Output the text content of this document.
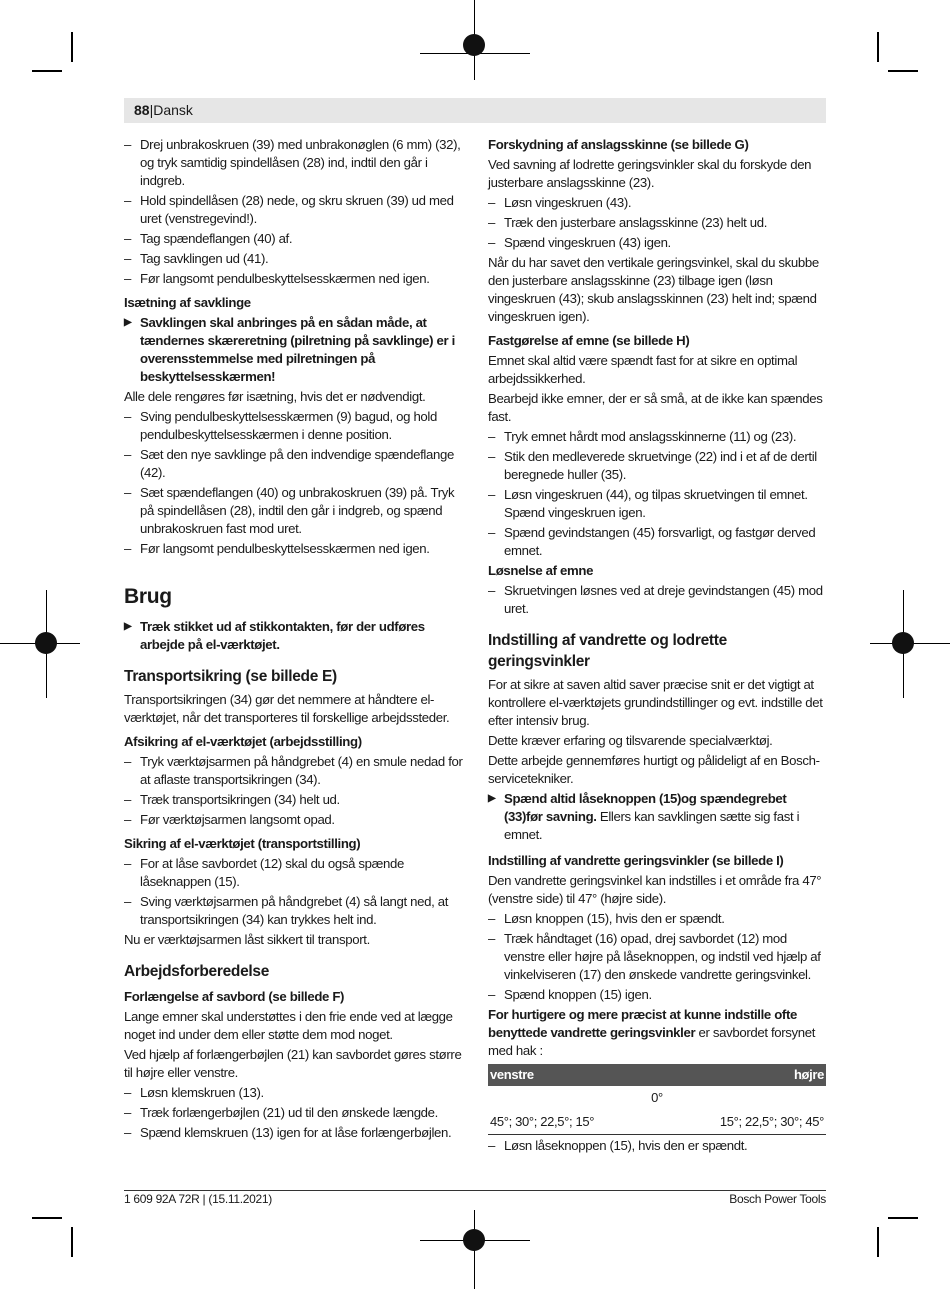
88|Dansk
– Drej unbrakoskruen (39) med unbrakonøglen (6 mm) (32), og tryk samtidig spindellåsen (28) ind, indtil den går i indgreb.
– Hold spindellåsen (28) nede, og skru skruen (39) ud med uret (venstregevind!).
– Tag spændeflangen (40) af.
– Tag savklingen ud (41).
– Før langsomt pendulbeskyttelsesskærmen ned igen.
Isætning af savklinge
▶ Savklingen skal anbringes på en sådan måde, at tændernes skæreretning (pilretning på savklinge) er i overensstemmelse med pilretningen på beskyttelsesskærmen!

Alle dele rengøres før isætning, hvis det er nødvendigt.

– Sving pendulbeskyttelsesskærmen (9) bagud, og hold pendulbeskyttelsesskærmen i denne position.
– Sæt den nye savklinge på den indvendige spændeflange (42).
– Sæt spændeflangen (40) og unbrakoskruen (39) på. Tryk på spindellåsen (28), indtil den går i indgreb, og spænd unbrakoskruen fast mod uret.
– Før langsomt pendulbeskyttelsesskærmen ned igen.
Brug
▶ Træk stikket ud af stikkontakten, før der udføres arbejde på el-værktøjet.
Transportsikring (se billede E)

Transportsikringen (34) gør det nemmere at håndtere el-værktøjet, når det transporteres til forskellige arbejdssteder.

Afsikring af el-værktøjet (arbejdsstilling)
– Tryk værktøjsarmen på håndgrebet (4) en smule nedad for at aflaste transportsikringen (34).
– Træk transportsikringen (34) helt ud.
– Før værktøjsarmen langsomt opad.
Sikring af el-værktøjet (transportstilling)
– For at låse savbordet (12) skal du også spænde låseknappen (15).
– Sving værktøjsarmen på håndgrebet (4) så langt ned, at transportsikringen (34) kan trykkes helt ind.

Nu er værktøjsarmen låst sikkert til transport.

Arbejdsforberedelse
Forlængelse af savbord (se billede F)

Lange emner skal understøttes i den frie ende ved at lægge noget ind under dem eller støtte dem mod noget.

Ved hjælp af forlængerbøjlen (21) kan savbordet gøres større til højre eller venstre.

– Løsn klemskruen (13).
– Træk forlængerbøjlen (21) ud til den ønskede længde.
– Spænd klemskruen (13) igen for at låse forlængerbøjlen.
Forskydning af anslagsskinne (se billede G)

Ved savning af lodrette geringsvinkler skal du forskyde den justerbare anslagsskinne (23).

– Løsn vingeskruen (43).
– Træk den justerbare anslagsskinne (23) helt ud.
– Spænd vingeskruen (43) igen.

Når du har savet den vertikale geringsvinkel, skal du skubbe den justerbare anslagsskinne (23) tilbage igen (løsn vingeskruen (43); skub anslagsskinnen (23) helt ind; spænd vingeskruen igen).

Fastgørelse af emne (se billede H)

Emnet skal altid være spændt fast for at sikre en optimal arbejdssikkerhed.

Bearbejd ikke emner, der er så små, at de ikke kan spændes fast.

– Tryk emnet hårdt mod anslagsskinnerne (11) og (23).
– Stik den medleverede skruetvinge (22) ind i et af de dertil beregnede huller (35).
– Løsn vingeskruen (44), og tilpas skruetvingen til emnet. Spænd vingeskruen igen.
– Spænd gevindstangen (45) forsvarligt, og fastgør derved emnet.
Løsnelse af emne
– Skruetvingen løsnes ved at dreje gevindstangen (45) mod uret.
Indstilling af vandrette og lodrette geringsvinkler

For at sikre at saven altid saver præcise snit er det vigtigt at kontrollere el-værktøjets grundindstillinger og evt. indstille det efter intensiv brug.

Dette kræver erfaring og tilsvarende specialværktøj.

Dette arbejde gennemføres hurtigt og pålideligt af en Bosch-servicetekniker.

▶ Spænd altid låseknoppen (15)og spændegrebet (33)før savning. Ellers kan savklingen sætte sig fast i emnet.
Indstilling af vandrette geringsvinkler (se billede I)

Den vandrette geringsvinkel kan indstilles i et område fra 47° (venstre side) til 47° (højre side).

– Løsn knoppen (15), hvis den er spændt.
– Træk håndtaget (16) opad, drej savbordet (12) mod venstre eller højre på låseknoppen, og indstil ved hjælp af vinkelviseren (17) den ønskede vandrette geringsvinkel.
– Spænd knoppen (15) igen.

For hurtigere og mere præcist at kunne indstille ofte benyttede vandrette geringsvinkler er savbordet forsynet med hak :

venstre	højre
0°	
45°; 30°; 22,5°; 15°	15°; 22,5°; 30°; 45°
– Løsn låseknoppen (15), hvis den er spændt.
1 609 92A 72R | (15.11.2021)	Bosch Power Tools
